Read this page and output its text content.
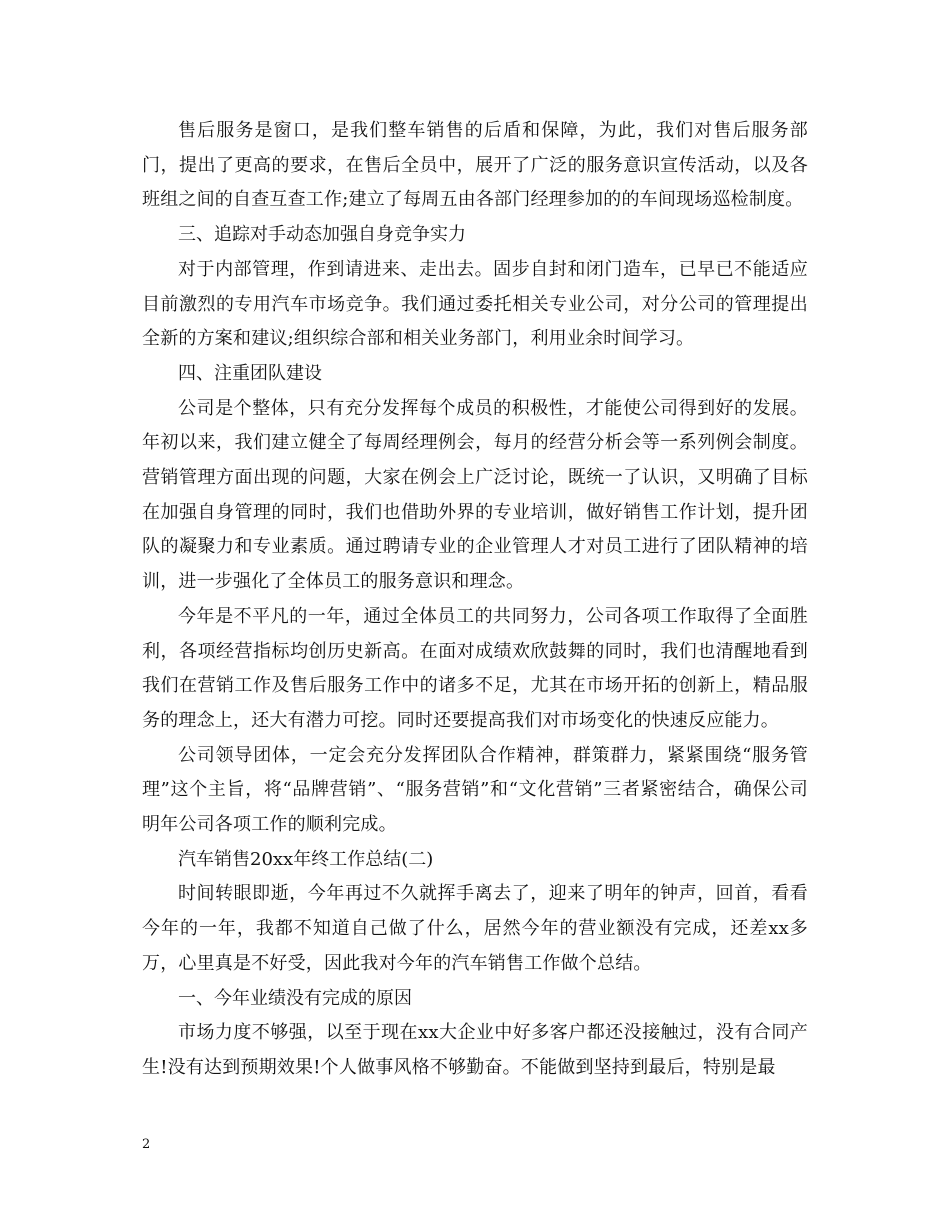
售后服务是窗口，是我们整车销售的后盾和保障，为此，我们对售后服务部门，提出了更高的要求，在售后全员中，展开了广泛的服务意识宣传活动，以及各班组之间的自查互查工作;建立了每周五由各部门经理参加的的车间现场巡检制度。

三、追踪对手动态加强自身竞争实力

对于内部管理，作到请进来、走出去。固步自封和闭门造车，已早已不能适应目前激烈的专用汽车市场竞争。我们通过委托相关专业公司，对分公司的管理提出全新的方案和建议;组织综合部和相关业务部门，利用业余时间学习。

四、注重团队建设

公司是个整体，只有充分发挥每个成员的积极性，才能使公司得到好的发展。年初以来，我们建立健全了每周经理例会，每月的经营分析会等一系列例会制度。营销管理方面出现的问题，大家在例会上广泛讨论，既统一了认识，又明确了目标在加强自身管理的同时，我们也借助外界的专业培训，做好销售工作计划，提升团队的凝聚力和专业素质。通过聘请专业的企业管理人才对员工进行了团队精神的培训，进一步强化了全体员工的服务意识和理念。

今年是不平凡的一年，通过全体员工的共同努力，公司各项工作取得了全面胜利，各项经营指标均创历史新高。在面对成绩欢欣鼓舞的同时，我们也清醒地看到我们在营销工作及售后服务工作中的诸多不足，尤其在市场开拓的创新上，精品服务的理念上，还大有潜力可挖。同时还要提高我们对市场变化的快速反应能力。

公司领导团体，一定会充分发挥团队合作精神，群策群力，紧紧围绕“服务管理”这个主旨，将“品牌营销”、“服务营销”和“文化营销”三者紧密结合，确保公司明年公司各项工作的顺利完成。

汽车销售20xx年终工作总结(二)

时间转眼即逝，今年再过不久就挥手离去了，迎来了明年的钟声，回首，看看今年的一年，我都不知道自己做了什么，居然今年的营业额没有完成，还差xx多万，心里真是不好受，因此我对今年的汽车销售工作做个总结。

一、今年业绩没有完成的原因

市场力度不够强，以至于现在xx大企业中好多客户都还没接触过，没有合同产生!没有达到预期效果!个人做事风格不够勤奋。不能做到坚持到最后，特别是最

2
